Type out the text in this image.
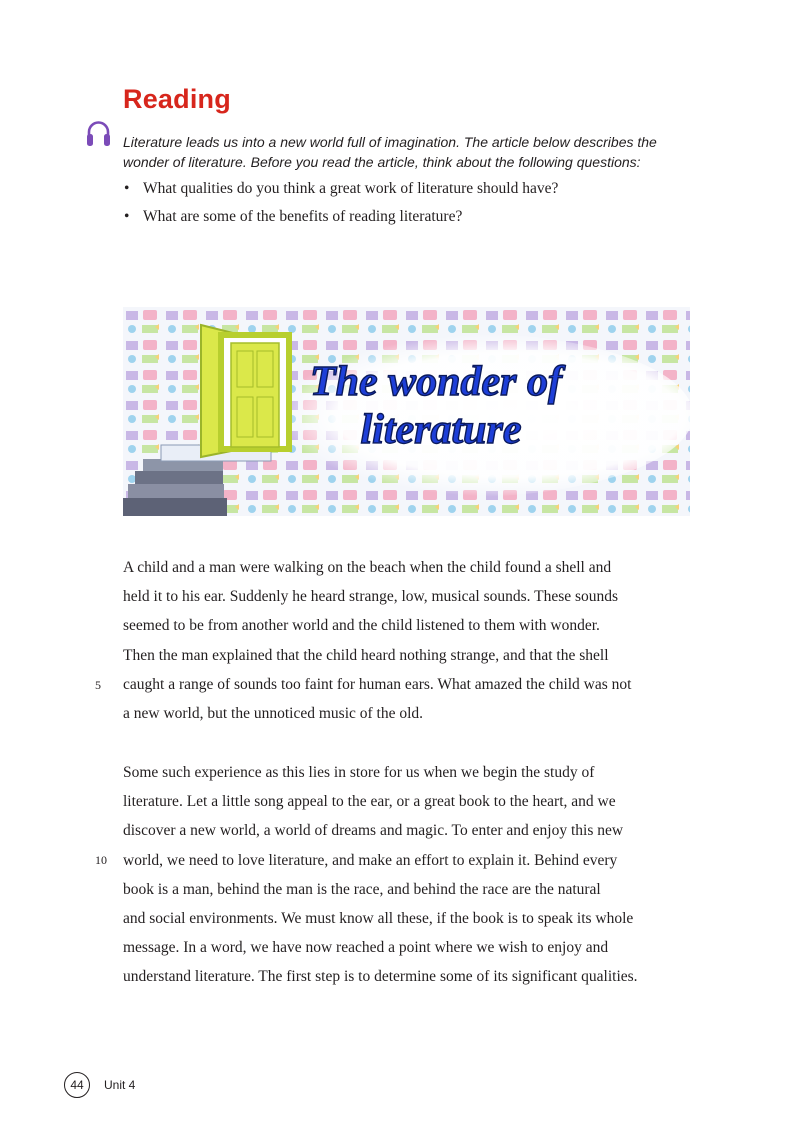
Reading
Literature leads us into a new world full of imagination. The article below describes the wonder of literature. Before you read the article, think about the following questions:
• What qualities do you think a great work of literature should have?
• What are some of the benefits of reading literature?
The wonder of
literature
A child and a man were walking on the beach when the child found a shell and
held it to his ear. Suddenly he heard strange, low, musical sounds. These sounds
seemed to be from another world and the child listened to them with wonder.
Then the man explained that the child heard nothing strange, and that the shell
caught a range of sounds too faint for human ears. What amazed the child was not
a new world, but the unnoticed music of the old.
5
Some such experience as this lies in store for us when we begin the study of
literature. Let a little song appeal to the ear, or a great book to the heart, and we
discover a new world, a world of dreams and magic. To enter and enjoy this new
world, we need to love literature, and make an effort to explain it. Behind every
book is a man, behind the man is the race, and behind the race are the natural
and social environments. We must know all these, if the book is to speak its whole
message. In a word, we have now reached a point where we wish to enjoy and
understand literature. The first step is to determine some of its significant qualities.
10
44	Unit 4
